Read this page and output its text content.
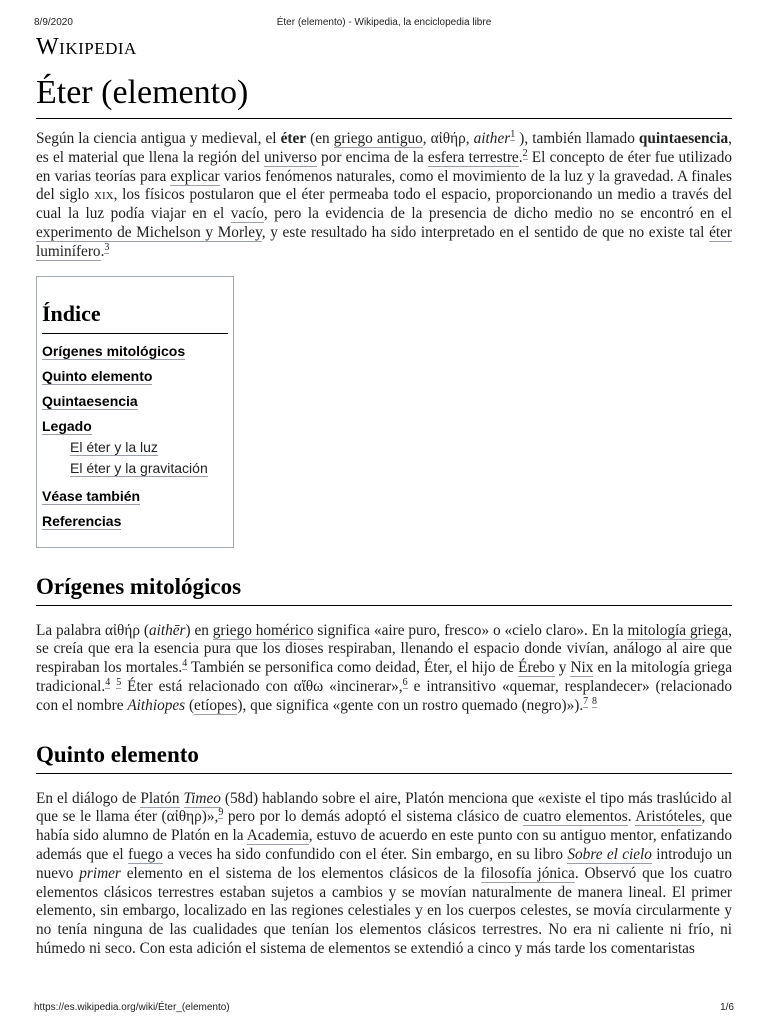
8/9/2020	Éter (elemento) - Wikipedia, la enciclopedia libre
Wikipedia
Éter (elemento)

Según la ciencia antigua y medieval, el éter (en griego antiguo, αἰθήρ, aither$^1$ ), también llamado quintaesencia, es el material que llena la región del universo por encima de la esfera terrestre.$^2$ El concepto de éter fue utilizado en varias teorías para explicar varios fenómenos naturales, como el movimiento de la luz y la gravedad. A finales del siglo xix, los físicos postularon que el éter permeaba todo el espacio, proporcionando un medio a través del cual la luz podía viajar en el vacío, pero la evidencia de la presencia de dicho medio no se encontró en el experimento de Michelson y Morley, y este resultado ha sido interpretado en el sentido de que no existe tal éter luminífero.$^3$

Índice
Orígenes mitológicos
Quinto elemento
Quintaesencia
Legado
El éter y la luz
El éter y la gravitación
Véase también
Referencias
Orígenes mitológicos

La palabra αἰθήρ (aithēr) en griego homérico significa «aire puro, fresco» o «cielo claro». En la mitología griega, se creía que era la esencia pura que los dioses respiraban, llenando el espacio donde vivían, análogo al aire que respiraban los mortales.$^4$ También se personifica como deidad, Éter, el hijo de Érebo y Nix en la mitología griega tradicional.$^4$ $^5$ Éter está relacionado con αἴθω «incinerar»,$^6$ e intransitivo «quemar, resplandecer» (relacionado con el nombre Aithiopes (etíopes), que significa «gente con un rostro quemado (negro)»).$^7$ $^8$

Quinto elemento

En el diálogo de Platón Timeo (58d) hablando sobre el aire, Platón menciona que «existe el tipo más traslúcido al que se le llama éter (αἰθηρ)»,$^9$ pero por lo demás adoptó el sistema clásico de cuatro elementos. Aristóteles, que había sido alumno de Platón en la Academia, estuvo de acuerdo en este punto con su antiguo mentor, enfatizando además que el fuego a veces ha sido confundido con el éter. Sin embargo, en su libro Sobre el cielo introdujo un nuevo primer elemento en el sistema de los elementos clásicos de la filosofía jónica. Observó que los cuatro elementos clásicos terrestres estaban sujetos a cambios y se movían naturalmente de manera lineal. El primer elemento, sin embargo, localizado en las regiones celestiales y en los cuerpos celestes, se movía circularmente y no tenía ninguna de las cualidades que tenían los elementos clásicos terrestres. No era ni caliente ni frío, ni húmedo ni seco. Con esta adición el sistema de elementos se extendió a cinco y más tarde los comentaristas

https://es.wikipedia.org/wiki/Éter_(elemento)	1/6
